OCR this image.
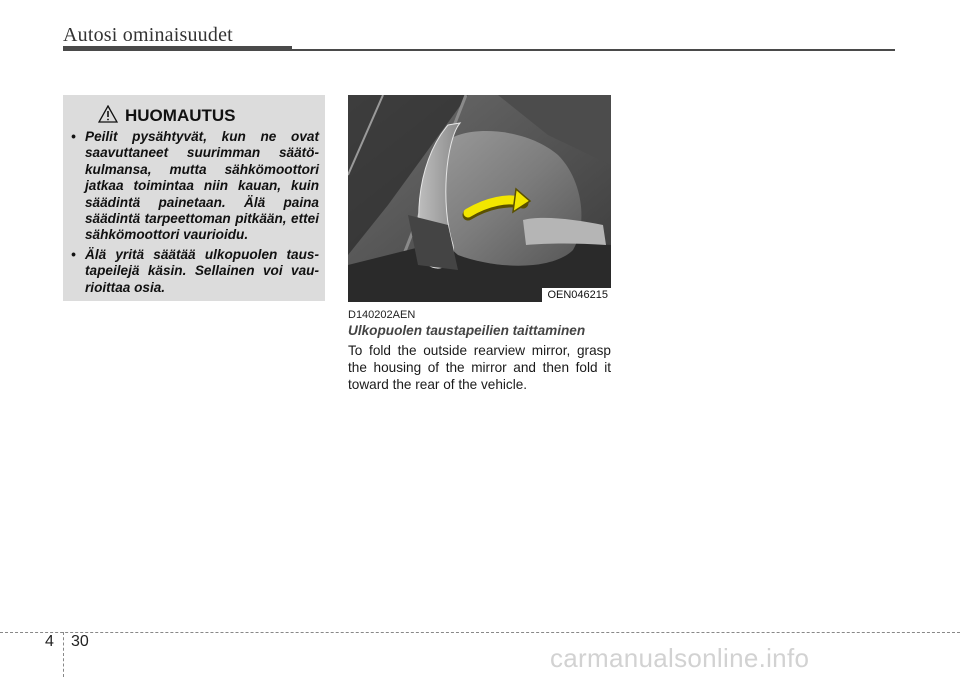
Autosi ominaisuudet
HUOMAUTUS
• Peilit pysähtyvät, kun ne ovat saavuttaneet suurimman säätökulmansa, mutta sähkömoottori jatkaa toimintaa niin kauan, kuin säädintä painetaan. Älä paina säädintä tarpeettoman pitkään, ettei sähkömoottori vaurioidu.
• Älä yritä säätää ulkopuolen taustapeilejä käsin. Sellainen voi vaurioittaa osia.
OEN046215
D140202AEN
Ulkopuolen taustapeilien taittaminen

To fold the outside rearview mirror, grasp the housing of the mirror and then fold it toward the rear of the vehicle.

4 30
carmanualsonline.info
